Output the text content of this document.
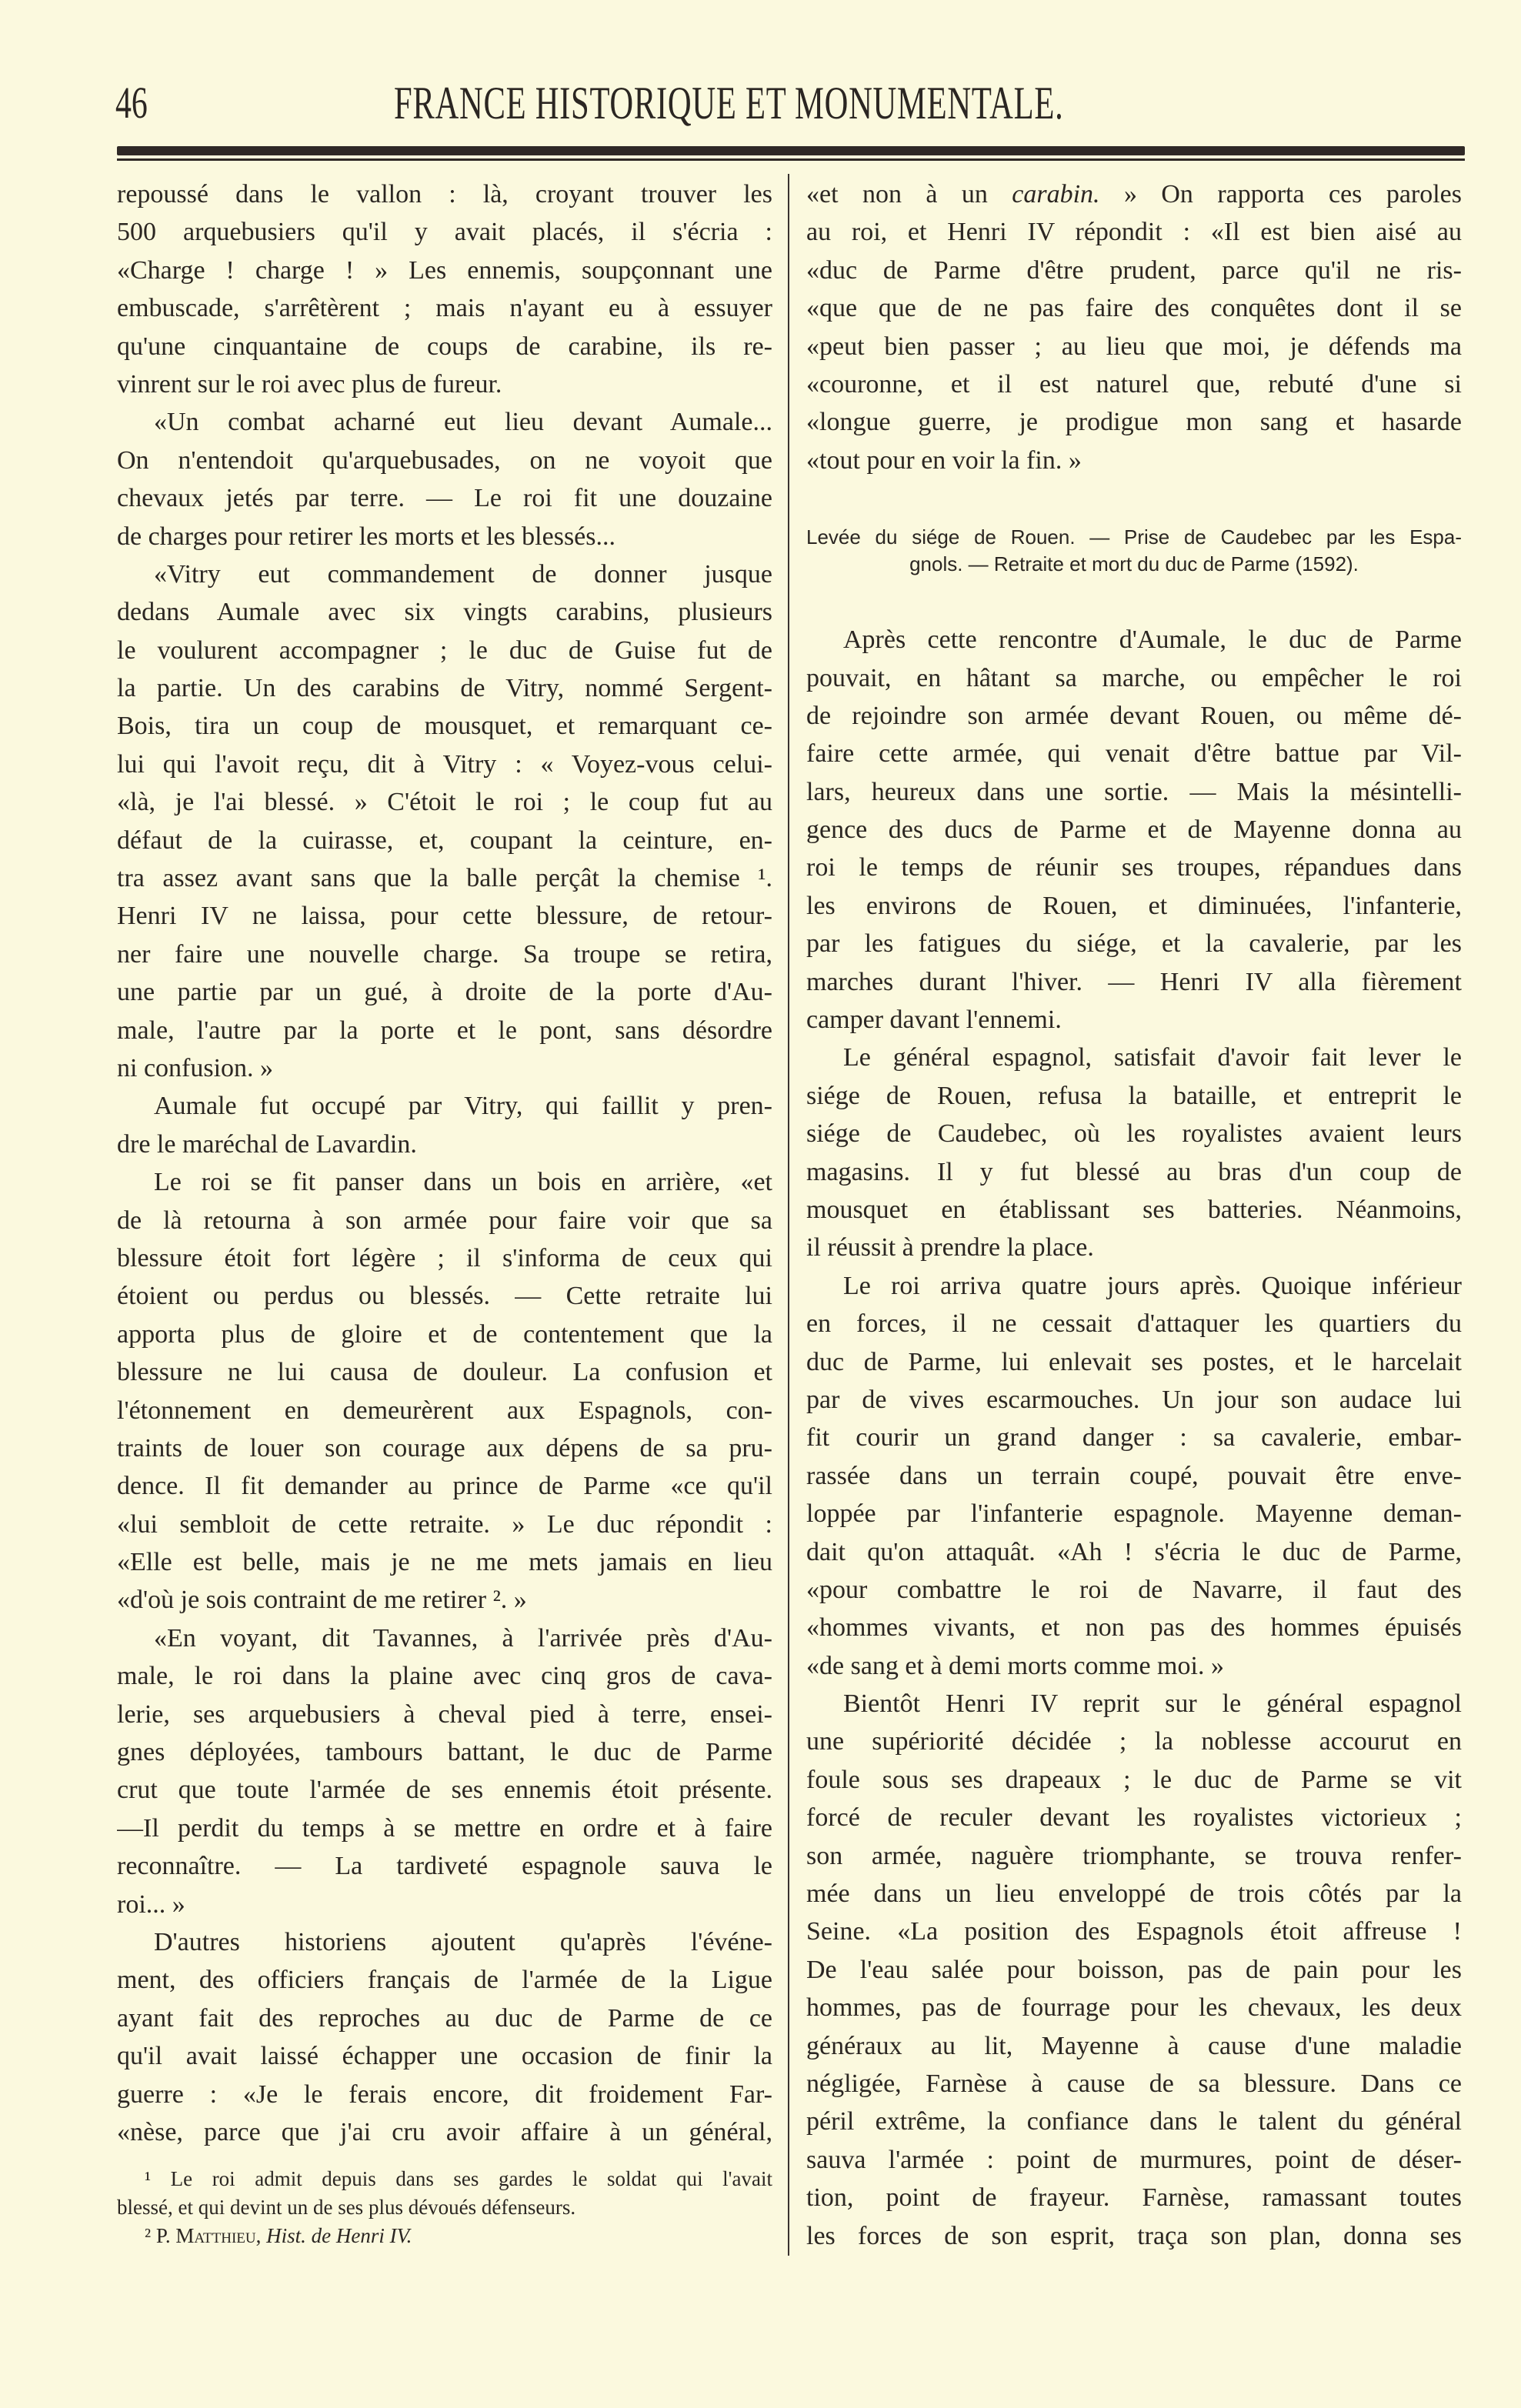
46	FRANCE HISTORIQUE ET MONUMENTALE.
repoussé dans le vallon : là, croyant trouver les
500 arquebusiers qu'il y avait placés, il s'écria :
«Charge ! charge ! » Les ennemis, soupçonnant une
embuscade, s'arrêtèrent ; mais n'ayant eu à essuyer
qu'une cinquantaine de coups de carabine, ils re-
vinrent sur le roi avec plus de fureur.
«Un combat acharné eut lieu devant Aumale...
On n'entendoit qu'arquebusades, on ne voyoit que
chevaux jetés par terre. — Le roi fit une douzaine
de charges pour retirer les morts et les blessés...
«Vitry eut commandement de donner jusque
dedans Aumale avec six vingts carabins, plusieurs
le voulurent accompagner ; le duc de Guise fut de
la partie. Un des carabins de Vitry, nommé Sergent-
Bois, tira un coup de mousquet, et remarquant ce-
lui qui l'avoit reçu, dit à Vitry : « Voyez-vous celui-
«là, je l'ai blessé. » C'étoit le roi ; le coup fut au
défaut de la cuirasse, et, coupant la ceinture, en-
tra assez avant sans que la balle perçât la chemise ¹.
Henri IV ne laissa, pour cette blessure, de retour-
ner faire une nouvelle charge. Sa troupe se retira,
une partie par un gué, à droite de la porte d'Au-
male, l'autre par la porte et le pont, sans désordre
ni confusion. »
Aumale fut occupé par Vitry, qui faillit y pren-
dre le maréchal de Lavardin.
Le roi se fit panser dans un bois en arrière, «et
de là retourna à son armée pour faire voir que sa
blessure étoit fort légère ; il s'informa de ceux qui
étoient ou perdus ou blessés. — Cette retraite lui
apporta plus de gloire et de contentement que la
blessure ne lui causa de douleur. La confusion et
l'étonnement en demeurèrent aux Espagnols, con-
traints de louer son courage aux dépens de sa pru-
dence. Il fit demander au prince de Parme «ce qu'il
«lui sembloit de cette retraite. » Le duc répondit :
«Elle est belle, mais je ne me mets jamais en lieu
«d'où je sois contraint de me retirer ². »
«En voyant, dit Tavannes, à l'arrivée près d'Au-
male, le roi dans la plaine avec cinq gros de cava-
lerie, ses arquebusiers à cheval pied à terre, ensei-
gnes déployées, tambours battant, le duc de Parme
crut que toute l'armée de ses ennemis étoit présente.
—Il perdit du temps à se mettre en ordre et à faire
reconnaître. — La tardiveté espagnole sauva le
roi... »
D'autres historiens ajoutent qu'après l'événe-
ment, des officiers français de l'armée de la Ligue
ayant fait des reproches au duc de Parme de ce
qu'il avait laissé échapper une occasion de finir la
guerre : «Je le ferais encore, dit froidement Far-
«nèse, parce que j'ai cru avoir affaire à un général,
«et non à un carabin. » On rapporta ces paroles
au roi, et Henri IV répondit : «Il est bien aisé au
«duc de Parme d'être prudent, parce qu'il ne ris-
«que que de ne pas faire des conquêtes dont il se
«peut bien passer ; au lieu que moi, je défends ma
«couronne, et il est naturel que, rebuté d'une si
«longue guerre, je prodigue mon sang et hasarde
«tout pour en voir la fin. »
Levée du siége de Rouen. — Prise de Caudebec par les Espa-
gnols. — Retraite et mort du duc de Parme (1592).
Après cette rencontre d'Aumale, le duc de Parme
pouvait, en hâtant sa marche, ou empêcher le roi
de rejoindre son armée devant Rouen, ou même dé-
faire cette armée, qui venait d'être battue par Vil-
lars, heureux dans une sortie. — Mais la mésintelli-
gence des ducs de Parme et de Mayenne donna au
roi le temps de réunir ses troupes, répandues dans
les environs de Rouen, et diminuées, l'infanterie,
par les fatigues du siége, et la cavalerie, par les
marches durant l'hiver. — Henri IV alla fièrement
camper davant l'ennemi.
Le général espagnol, satisfait d'avoir fait lever le
siége de Rouen, refusa la bataille, et entreprit le
siége de Caudebec, où les royalistes avaient leurs
magasins. Il y fut blessé au bras d'un coup de
mousquet en établissant ses batteries. Néanmoins,
il réussit à prendre la place.
Le roi arriva quatre jours après. Quoique inférieur
en forces, il ne cessait d'attaquer les quartiers du
duc de Parme, lui enlevait ses postes, et le harcelait
par de vives escarmouches. Un jour son audace lui
fit courir un grand danger : sa cavalerie, embar-
rassée dans un terrain coupé, pouvait être enve-
loppée par l'infanterie espagnole. Mayenne deman-
dait qu'on attaquât. «Ah ! s'écria le duc de Parme,
«pour combattre le roi de Navarre, il faut des
«hommes vivants, et non pas des hommes épuisés
«de sang et à demi morts comme moi. »
Bientôt Henri IV reprit sur le général espagnol
une supériorité décidée ; la noblesse accourut en
foule sous ses drapeaux ; le duc de Parme se vit
forcé de reculer devant les royalistes victorieux ;
son armée, naguère triomphante, se trouva renfer-
mée dans un lieu enveloppé de trois côtés par la
Seine. «La position des Espagnols étoit affreuse !
De l'eau salée pour boisson, pas de pain pour les
hommes, pas de fourrage pour les chevaux, les deux
généraux au lit, Mayenne à cause d'une maladie
négligée, Farnèse à cause de sa blessure. Dans ce
péril extrême, la confiance dans le talent du général
sauva l'armée : point de murmures, point de déser-
tion, point de frayeur. Farnèse, ramassant toutes
les forces de son esprit, traça son plan, donna ses
¹ Le roi admit depuis dans ses gardes le soldat qui l'avait
blessé, et qui devint un de ses plus dévoués défenseurs.
² P. Matthieu, Hist. de Henri IV.
